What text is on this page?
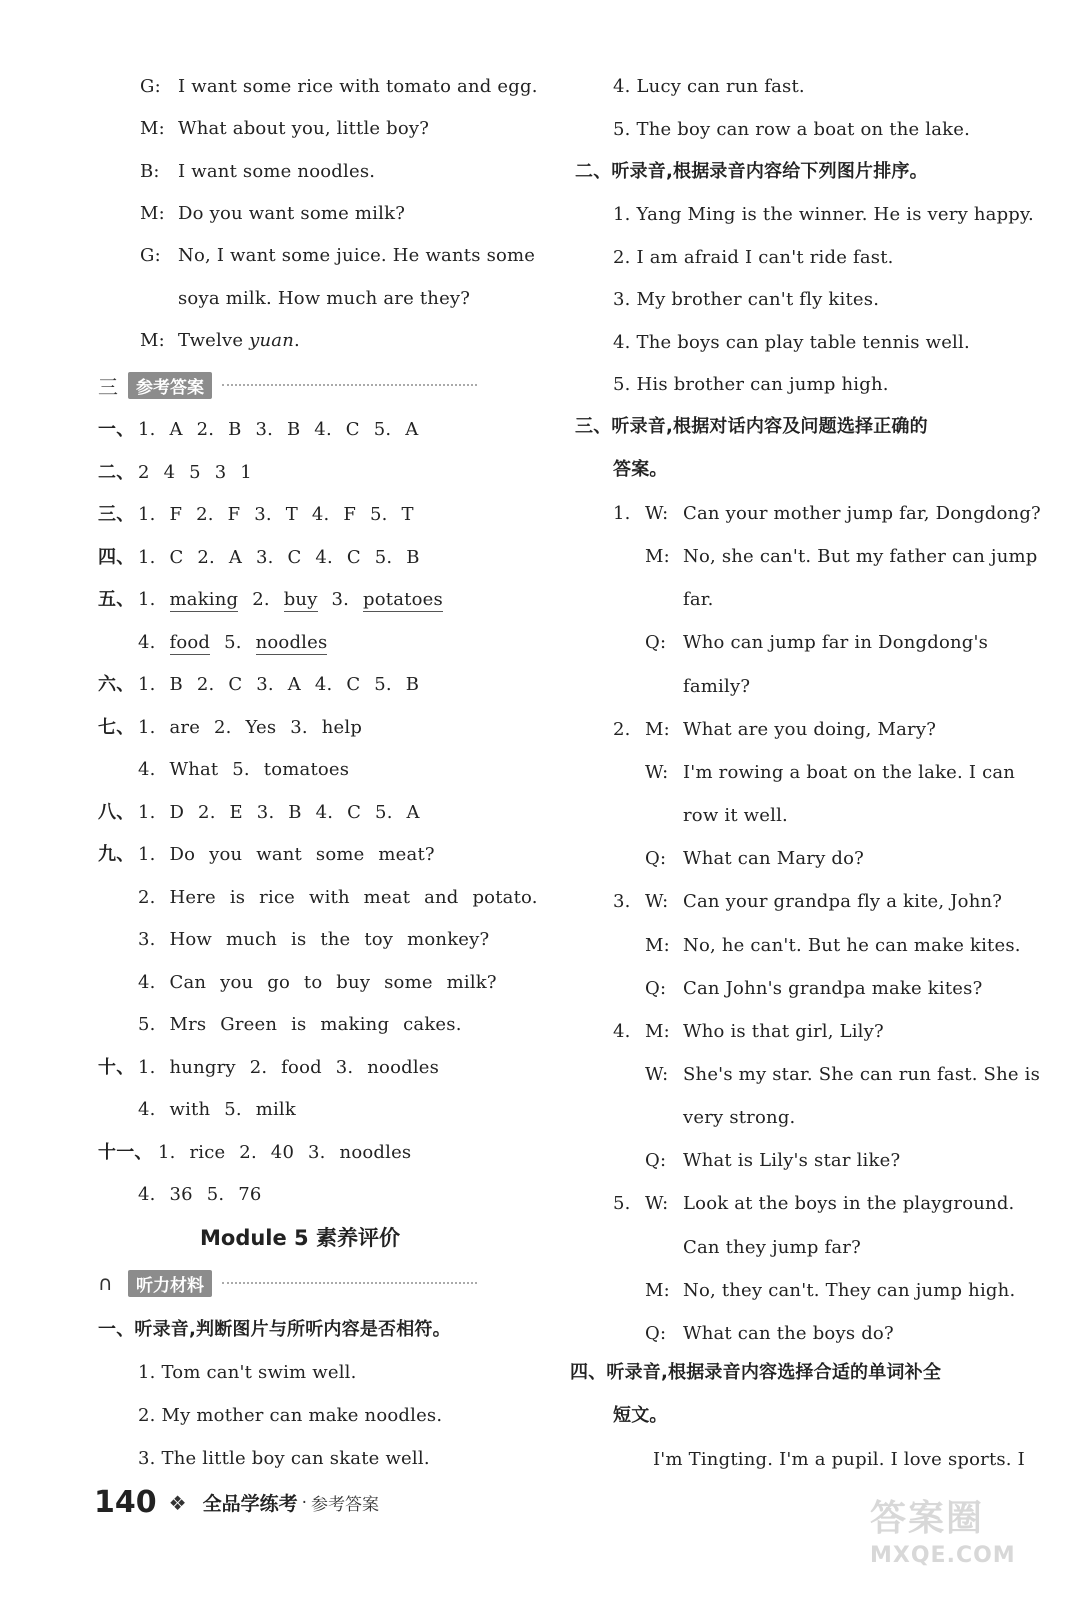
G: I want some rice with tomato and egg.
M: What about you, little boy?
B: I want some noodles.
M: Do you want some milk?
G: No, I want some juice. He wants some
soya milk. How much are they?
M: Twelve yuan.
三	参考答案
一、 1. A 2. B 3. B 4. C 5. A
二、 2 4 5 3 1
三、 1. F 2. F 3. T 4. F 5. T
四、 1. C 2. A 3. C 4. C 5. B
五、 1. making 2. buy 3. potatoes
4. food 5. noodles
六、 1. B 2. C 3. A 4. C 5. B
七、 1. are 2. Yes 3. help
4. What 5. tomatoes
八、 1. D 2. E 3. B 4. C 5. A
九、 1. Do you want some meat?
2. Here is rice with meat and potato.
3. How much is the toy monkey?
4. Can you go to buy some milk?
5. Mrs Green is making cakes.
十、 1. hungry 2. food 3. noodles
4. with 5. milk
十一、 1. rice 2. 40 3. noodles
4. 36 5. 76
∩	听力材料
一、听录音,判断图片与所听内容是否相符。
1. Tom can't swim well.
2. My mother can make noodles.
3. The little boy can skate well.
Module 5 素养评价
4. Lucy can run fast.
5. The boy can row a boat on the lake.
二、听录音,根据录音内容给下列图片排序。
1. Yang Ming is the winner. He is very happy.
2. I am afraid I can't ride fast.
3. My brother can't fly kites.
4. The boys can play table tennis well.
5. His brother can jump high.
三、听录音,根据对话内容及问题选择正确的
答案。
1. W: Can your mother jump far, Dongdong?
M: No, she can't. But my father can jump
far.
Q: Who can jump far in Dongdong's
family?
2. M: What are you doing, Mary?
W: I'm rowing a boat on the lake. I can
row it well.
Q: What can Mary do?
3. W: Can your grandpa fly a kite, John?
M: No, he can't. But he can make kites.
Q: Can John's grandpa make kites?
4. M: Who is that girl, Lily?
W: She's my star. She can run fast. She is
very strong.
Q: What is Lily's star like?
5. W: Look at the boys in the playground.
Can they jump far?
M: No, they can't. They can jump high.
Q: What can the boys do?
四、听录音,根据录音内容选择合适的单词补全
短文。
I'm Tingting. I'm a pupil. I love sports. I
140 ❖ 全品学练考 · 参考答案	答案圈
MXQE.COM
